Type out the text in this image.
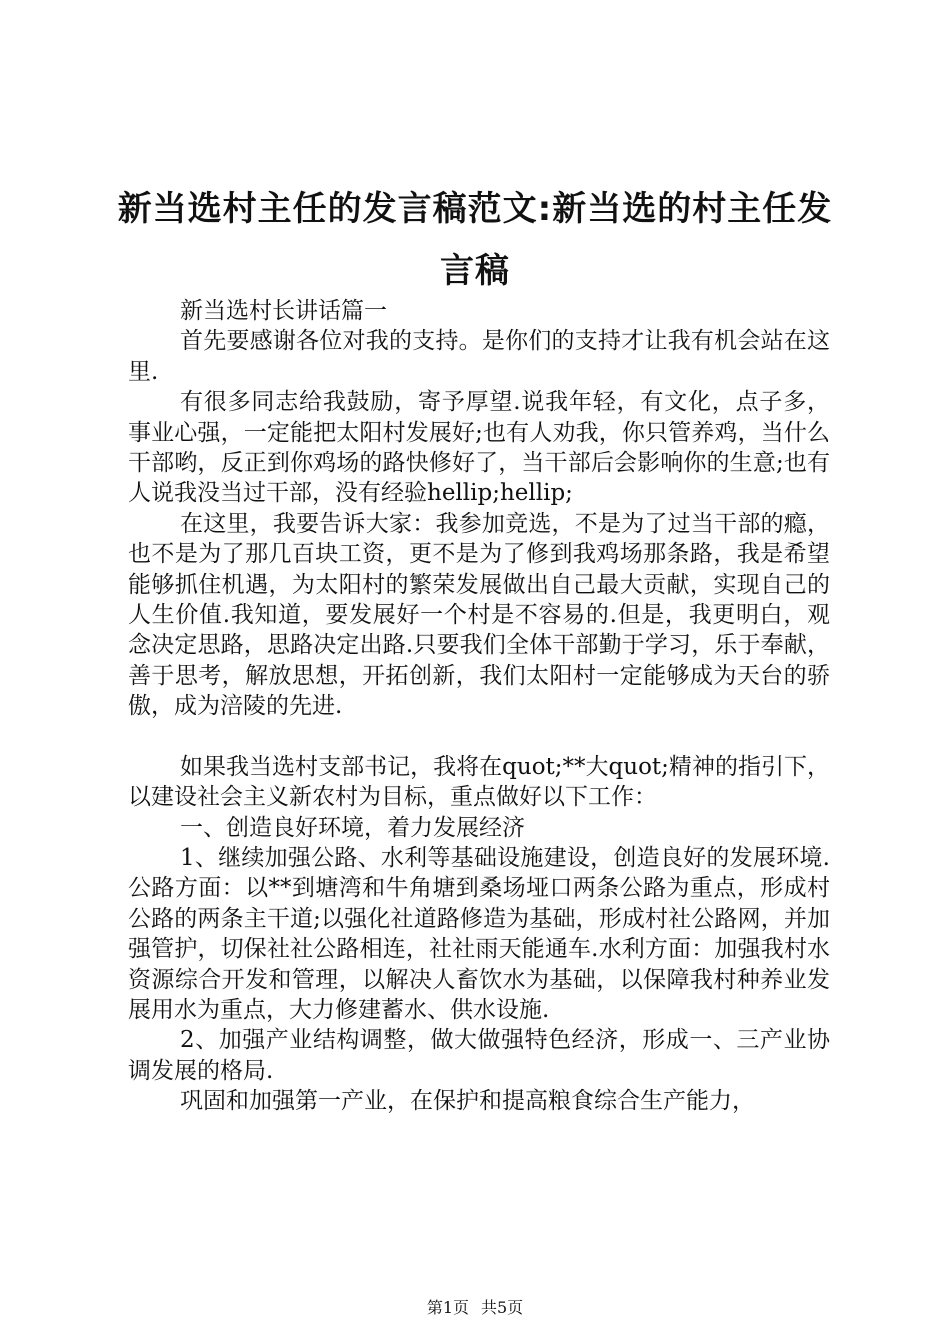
新当选村主任的发言稿范文:新当选的村主任发言稿

新当选村长讲话篇一

首先要感谢各位对我的支持。是你们的支持才让我有机会站在这里.

有很多同志给我鼓励，寄予厚望.说我年轻，有文化，点子多，事业心强，一定能把太阳村发展好;也有人劝我，你只管养鸡，当什么干部哟，反正到你鸡场的路快修好了，当干部后会影响你的生意;也有人说我没当过干部，没有经验hellip;hellip;

在这里，我要告诉大家：我参加竞选，不是为了过当干部的瘾，也不是为了那几百块工资，更不是为了修到我鸡场那条路，我是希望能够抓住机遇，为太阳村的繁荣发展做出自己最大贡献，实现自己的人生价值.我知道，要发展好一个村是不容易的.但是，我更明白，观念决定思路，思路决定出路.只要我们全体干部勤于学习，乐于奉献，善于思考，解放思想，开拓创新，我们太阳村一定能够成为天台的骄傲，成为涪陵的先进.

如果我当选村支部书记，我将在quot;**大quot;精神的指引下，以建设社会主义新农村为目标，重点做好以下工作：

一、创造良好环境，着力发展经济

1、继续加强公路、水利等基础设施建设，创造良好的发展环境.公路方面：以**到塘湾和牛角塘到桑场垭口两条公路为重点，形成村公路的两条主干道;以强化社道路修造为基础，形成村社公路网，并加强管护，切保社社公路相连，社社雨天能通车.水利方面：加强我村水资源综合开发和管理，以解决人畜饮水为基础，以保障我村种养业发展用水为重点，大力修建蓄水、供水设施.

2、加强产业结构调整，做大做强特色经济，形成一、三产业协调发展的格局.

巩固和加强第一产业，在保护和提高粮食综合生产能力，

第1页 共5页
